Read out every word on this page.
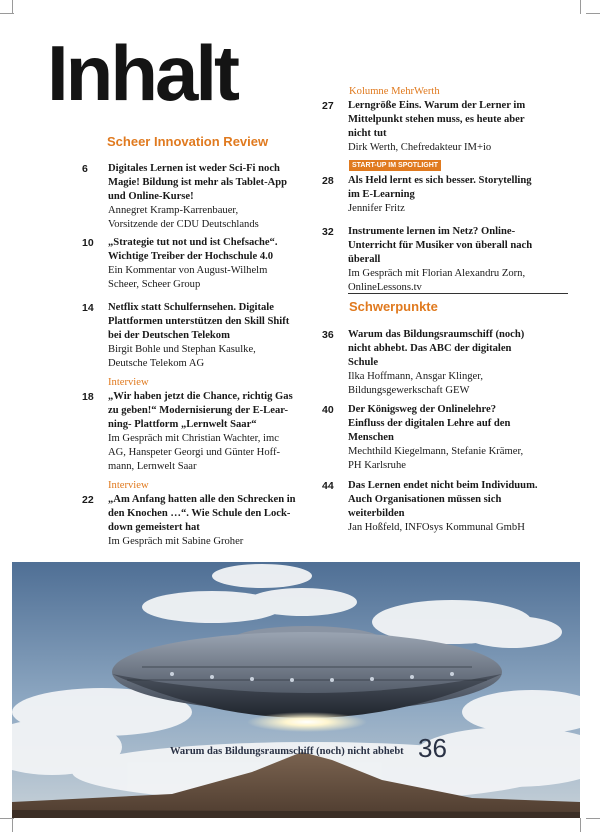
Inhalt
Scheer Innovation Review
6 Digitales Lernen ist weder Sci-Fi noch
Magie! Bildung ist mehr als Tablet-App
und Online-Kurse!
Annegret Kramp-Karrenbauer,
Vorsitzende der CDU Deutschlands
10 „Strategie tut not und ist Chefsache“.
Wichtige Treiber der Hochschule 4.0
Ein Kommentar von August-Wilhelm
Scheer, Scheer Group
14 Netflix statt Schulfernsehen. Digitale
Plattformen unterstützen den Skill Shift
bei der Deutschen Telekom
Birgit Bohle und Stephan Kasulke,
Deutsche Telekom AG
Interview
18 „Wir haben jetzt die Chance, richtig Gas
zu geben!“ Modernisierung der E-Lear-
ning- Plattform „Lernwelt Saar“
Im Gespräch mit Christian Wachter, imc
AG, Hanspeter Georgi und Günter Hoff-
mann, Lernwelt Saar
Interview
22 „Am Anfang hatten alle den Schrecken in
den Knochen …“. Wie Schule den Lock-
down gemeistert hat
Im Gespräch mit Sabine Groher
Kolumne MehrWerth
27 Lerngröße Eins. Warum der Lerner im
Mittelpunkt stehen muss, es heute aber
nicht tut
Dirk Werth, Chefredakteur IM+io
START-UP IM SPOTLIGHT
28 Als Held lernt es sich besser. Storytelling
im E-Learning
Jennifer Fritz
32 Instrumente lernen im Netz? Online-
Unterricht für Musiker von überall nach
überall
Im Gespräch mit Florian Alexandru Zorn,
OnlineLessons.tv
Schwerpunkte
36 Warum das Bildungsraumschiff (noch)
nicht abhebt. Das ABC der digitalen
Schule
Ilka Hoffmann, Ansgar Klinger,
Bildungsgewerkschaft GEW
40 Der Königsweg der Onlinelehre?
Einfluss der digitalen Lehre auf den
Menschen
Mechthild Kiegelmann, Stefanie Krämer,
PH Karlsruhe
44 Das Lernen endet nicht beim Individuum.
Auch Organisationen müssen sich
weiterbilden
Jan Hoßfeld, INFOsys Kommunal GmbH
Warum das Bildungsraumschiff (noch) nicht abhebt 36
